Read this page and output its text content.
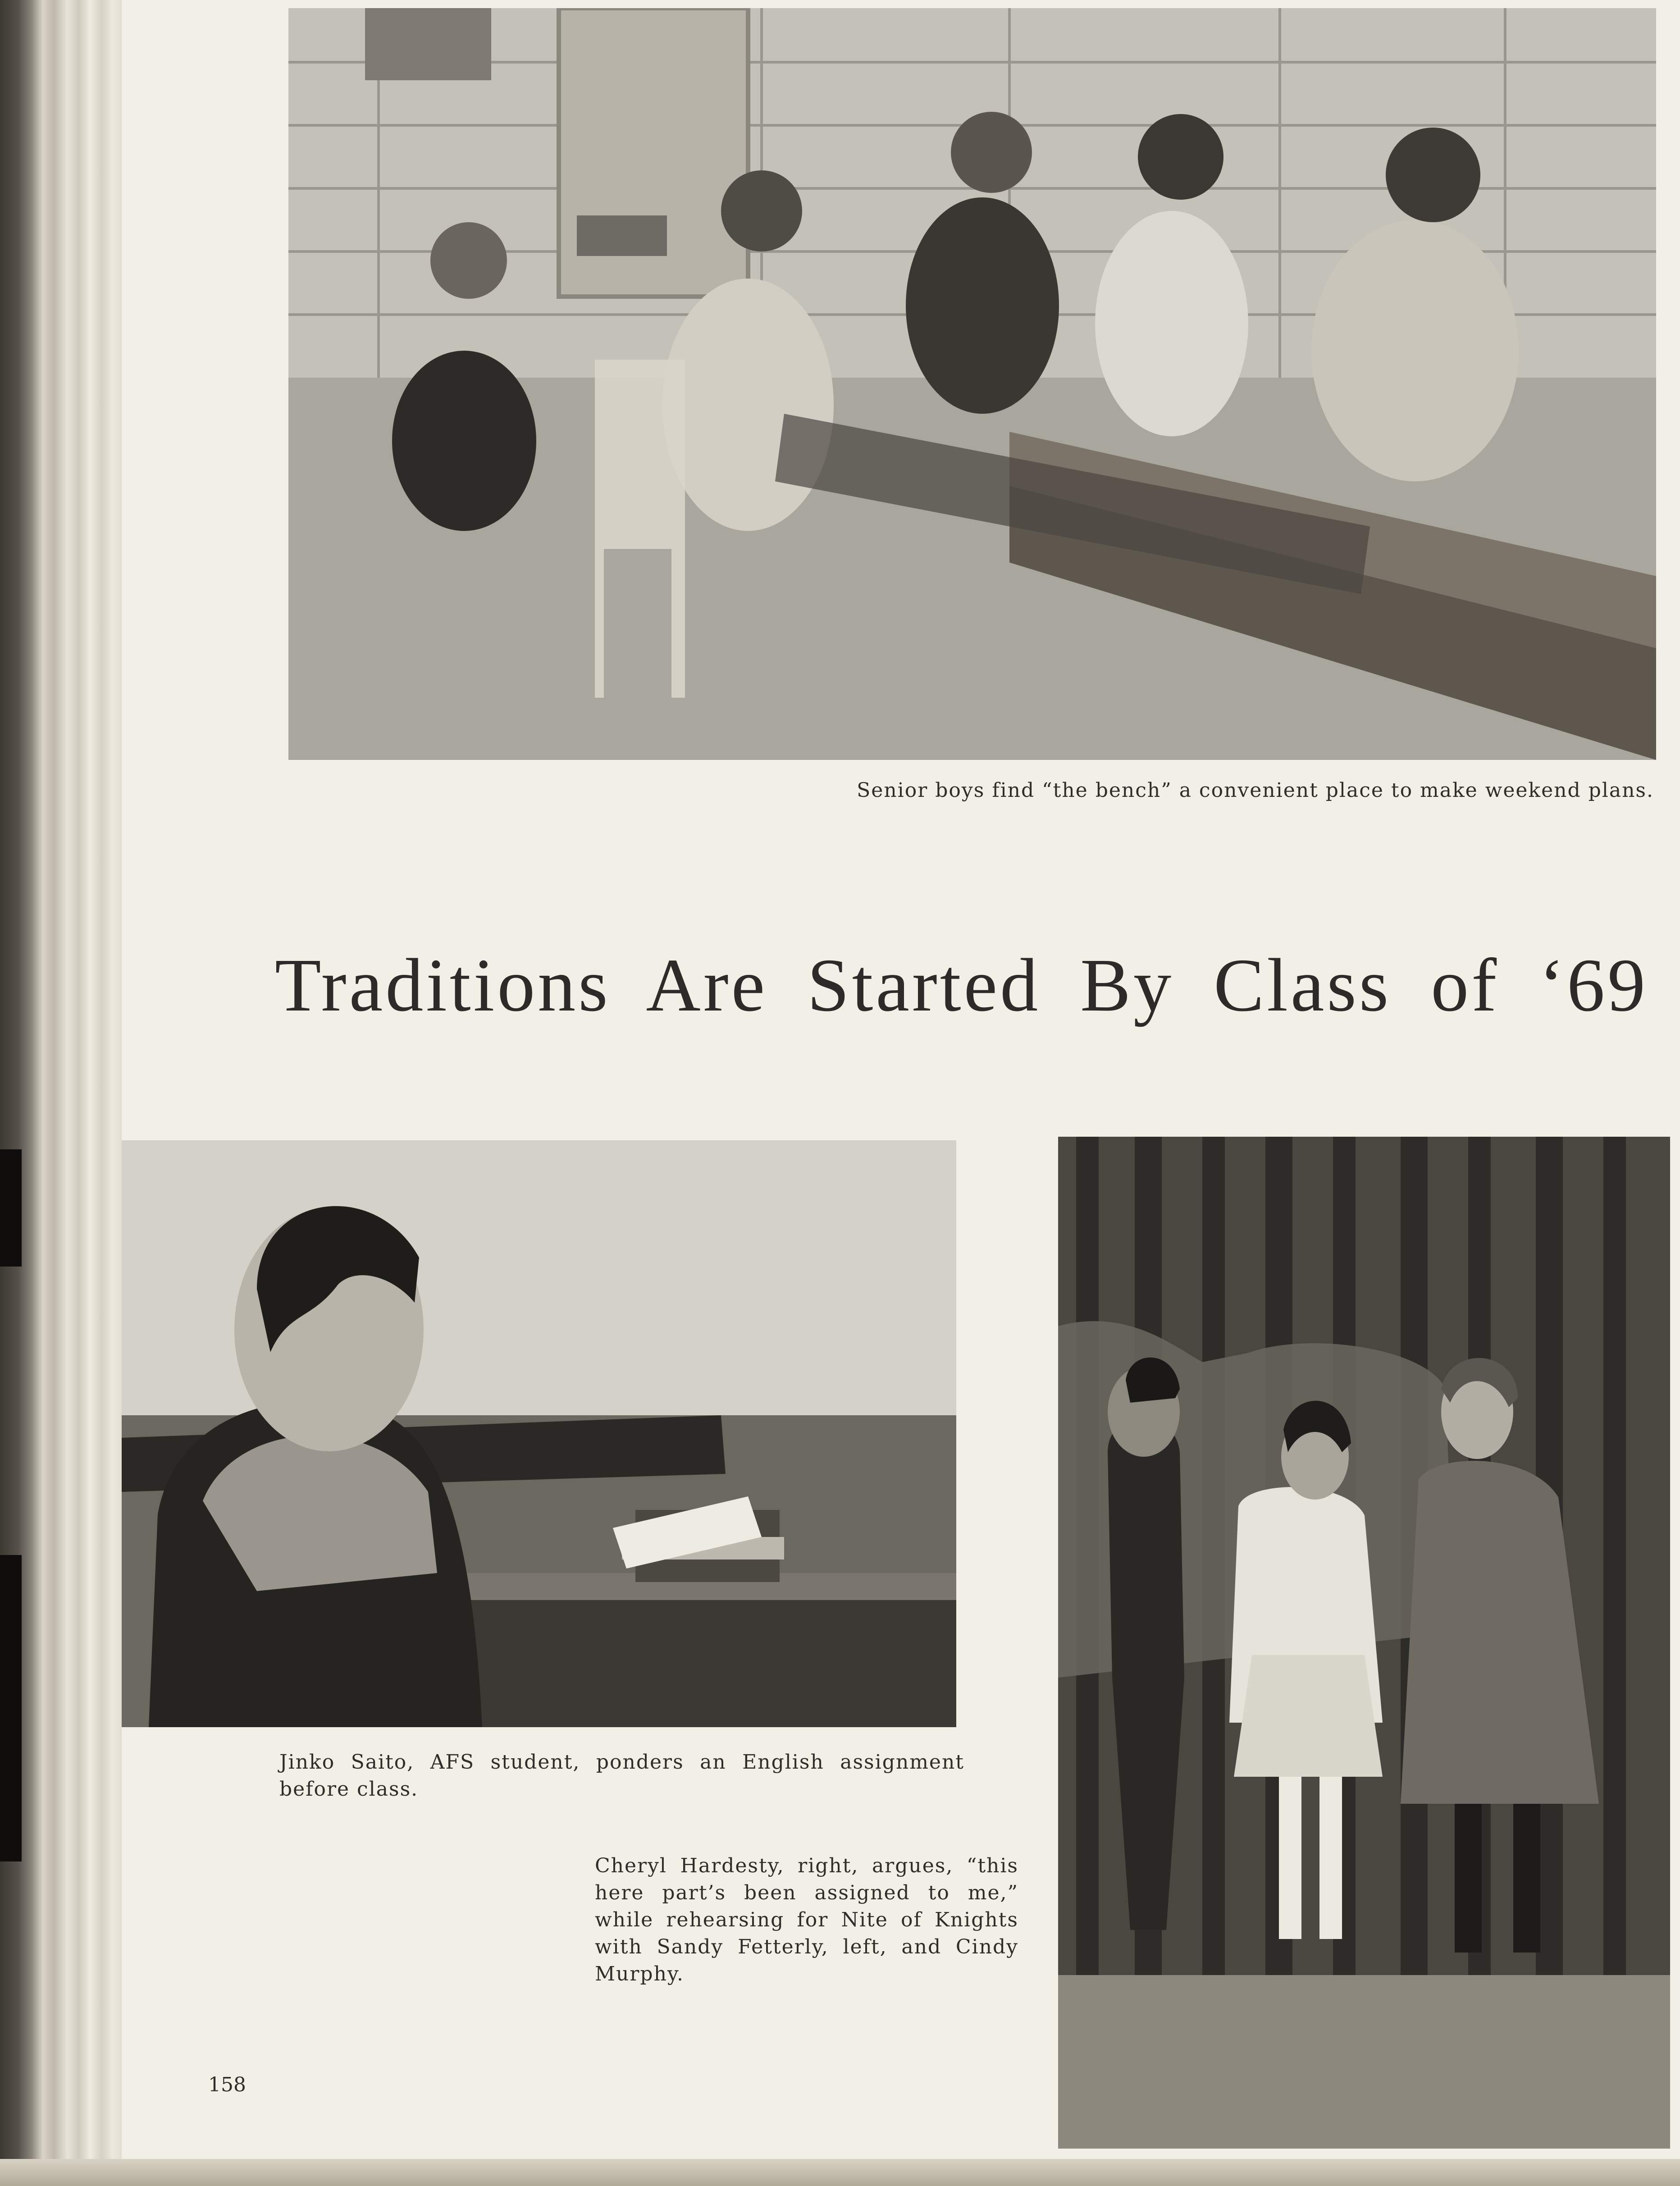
Senior boys find “the bench” a convenient place to make weekend plans.
Traditions Are Started By Class of ‘69
Jinko Saito, AFS student, ponders an English assignment before class.
Cheryl Hardesty, right, argues, “this here part’s been assigned to me,” while rehearsing for Nite of Knights with Sandy Fetterly, left, and Cindy Murphy.
158
